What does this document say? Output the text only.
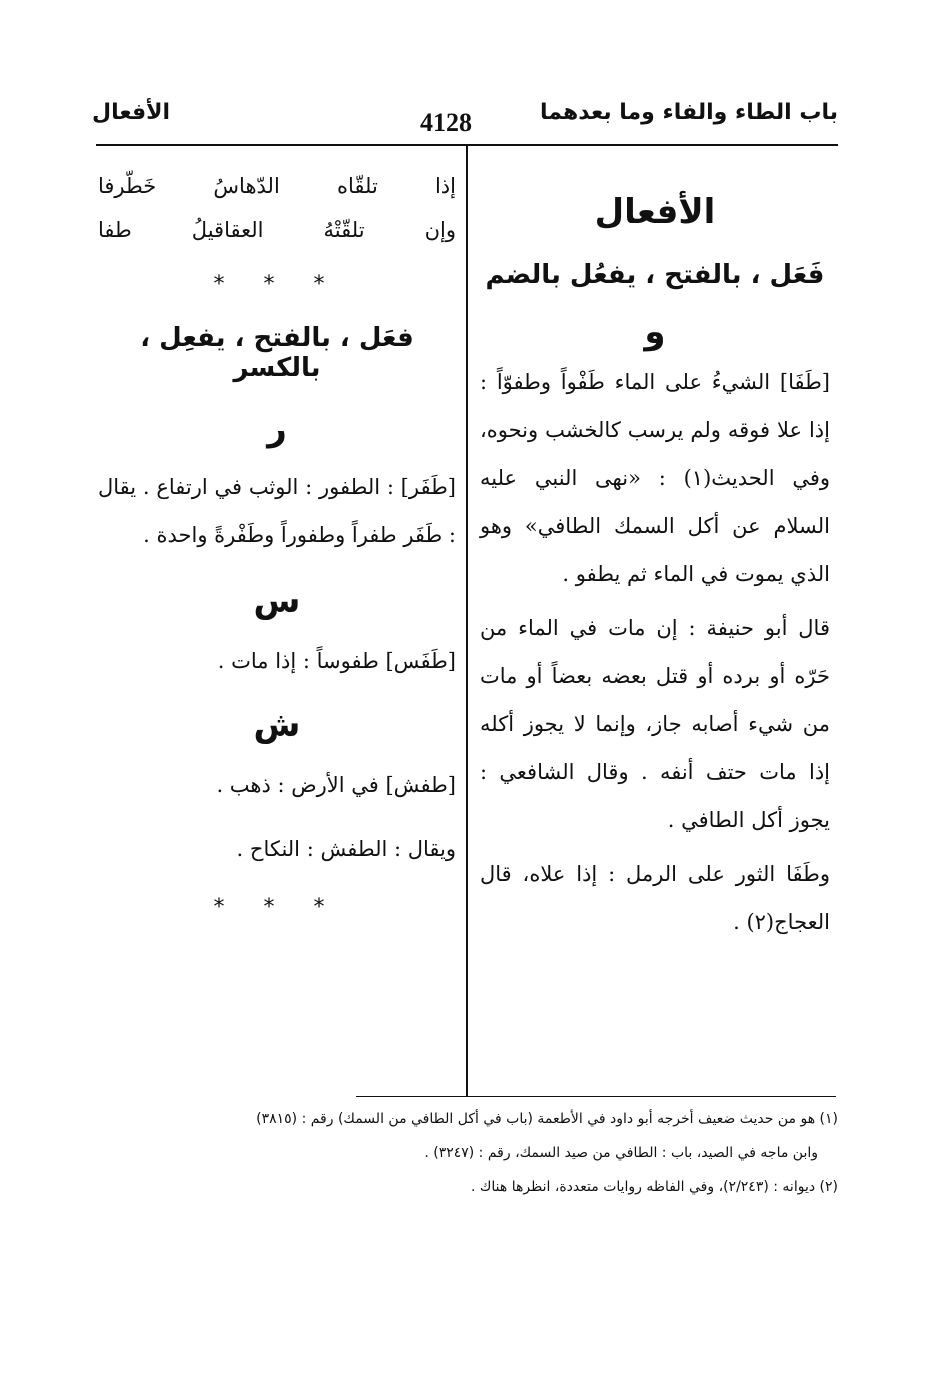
باب الطاء والفاء وما بعدهما
4128
الأفعال
الأفعال
فَعَل ، بالفتح ، يفعُل بالضم
و
[طَفَا] الشيءُ على الماء طَفْواً وطفوّاً : إذا علا فوقه ولم يرسب كالخشب ونحوه، وفي الحديث(١) : «نهى النبي عليه السلام عن أكل السمك الطافي» وهو الذي يموت في الماء ثم يطفو .
قال أبو حنيفة : إن مات في الماء من حَرّه أو برده أو قتل بعضه بعضاً أو مات من شيء أصابه جاز، وإنما لا يجوز أكله إذا مات حتف أنفه . وقال الشافعي : يجوز أكل الطافي .
وطَفَا الثور على الرمل : إذا علاه، قال العجاج(٢) .
إذا تلقّاه الدّهاسُ خَطّرفا
وإن تلقّتْهُ العقاقيلُ طفا
* * *
فعَل ، بالفتح ، يفعِل ، بالكسر
ر
[طَفَر] : الطفور : الوثب في ارتفاع . يقال : طَفَر طفراً وطفوراً وطَفْرةً واحدة .
س
[طَفَس] طفوساً : إذا مات .
ش
[طفش] في الأرض : ذهب .
ويقال : الطفش : النكاح .
* * *
(١) هو من حديث ضعيف أخرجه أبو داود في الأطعمة (باب في أكل الطافي من السمك) رقم : (٣٨١٥)
وابن ماجه في الصيد، باب : الطافي من صيد السمك، رقم : (٣٢٤٧) .
(٢) ديوانه : (٢/٢٤٣)، وفي الفاظه روايات متعددة، انظرها هناك .
